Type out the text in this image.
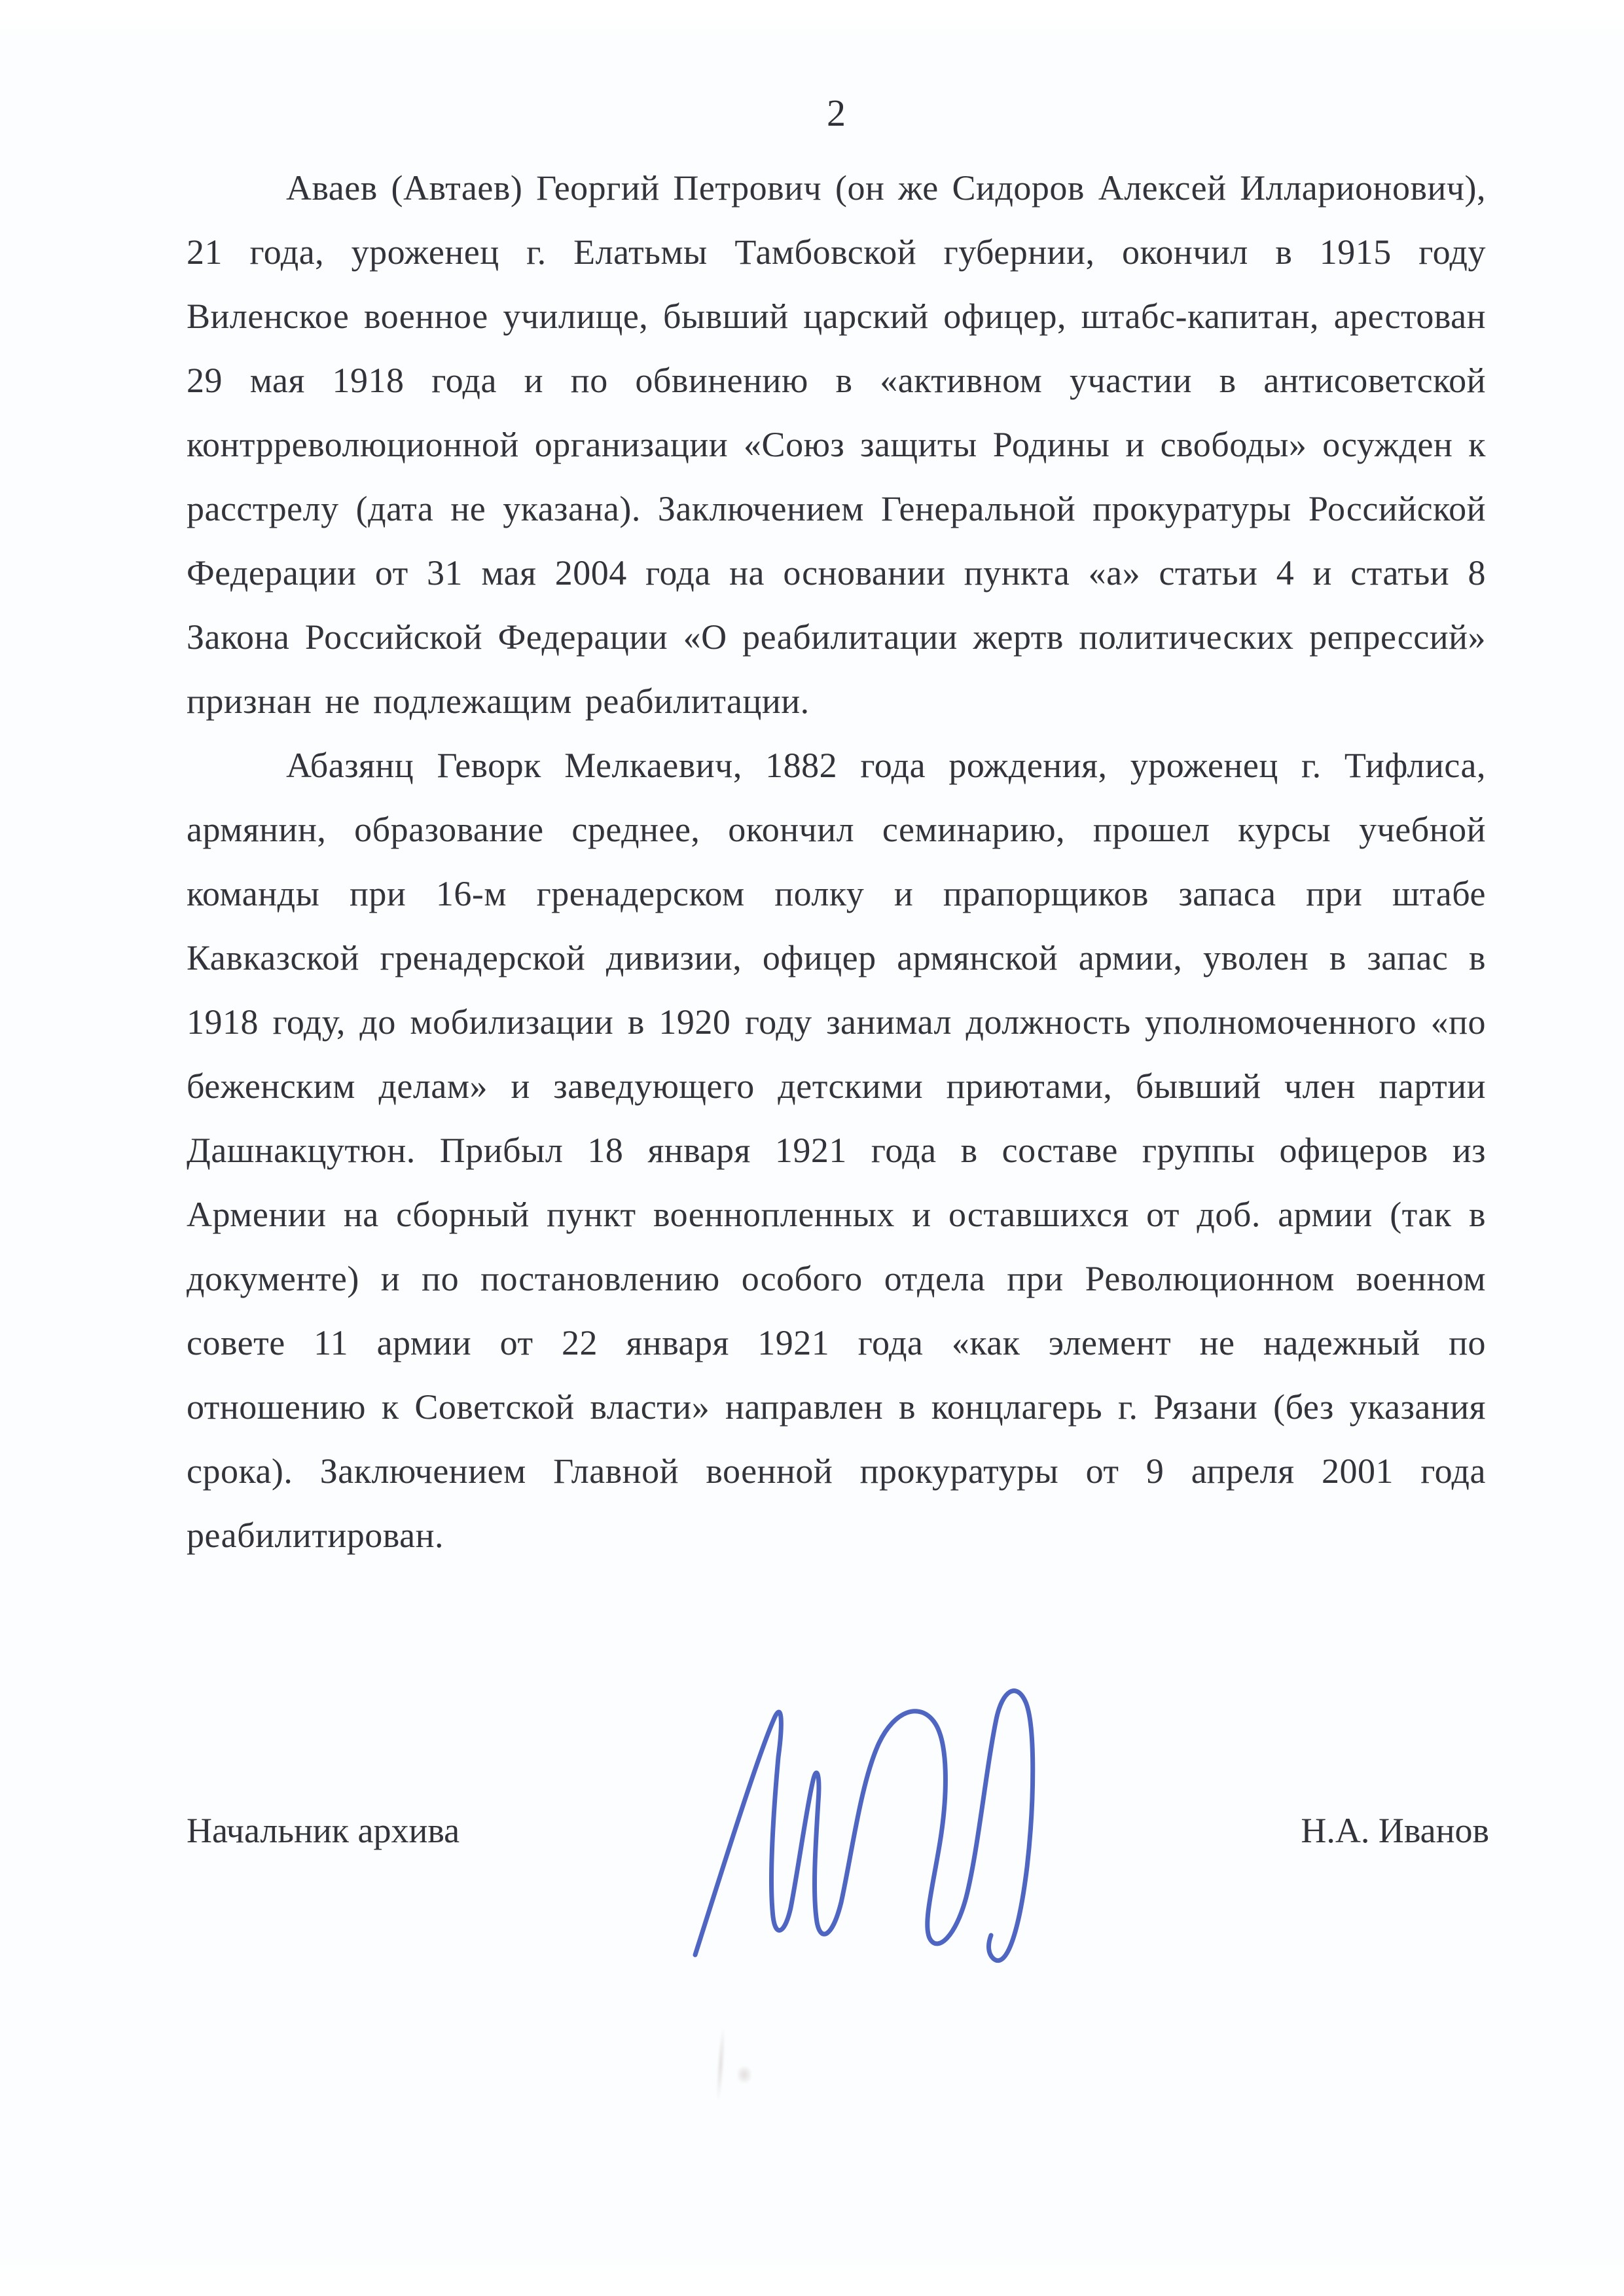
2

Аваев (Автаев) Георгий Петрович (он же Сидоров Алексей Илларионович), 21 года, уроженец г. Елатьмы Тамбовской губернии, окончил в 1915 году Виленское военное училище, бывший царский офицер, штабс-капитан, арестован 29 мая 1918 года и по обвинению в «активном участии в антисоветской контрреволюционной организации «Союз защиты Родины и свободы» осужден к расстрелу (дата не указана). Заключением Генеральной прокуратуры Российской Федерации от 31 мая 2004 года на основании пункта «а» статьи 4 и статьи 8 Закона Российской Федерации «О реабилитации жертв политических репрессий» признан не подлежащим реабилитации.

Абазянц Геворк Мелкаевич, 1882 года рождения, уроженец г. Тифлиса, армянин, образование среднее, окончил семинарию, прошел курсы учебной команды при 16-м гренадерском полку и прапорщиков запаса при штабе Кавказской гренадерской дивизии, офицер армянской армии, уволен в запас в 1918 году, до мобилизации в 1920 году занимал должность уполномоченного «по беженским делам» и заведующего детскими приютами, бывший член партии Дашнакцутюн. Прибыл 18 января 1921 года в составе группы офицеров из Армении на сборный пункт военнопленных и оставшихся от доб. армии (так в документе) и по постановлению особого отдела при Революционном военном совете 11 армии от 22 января 1921 года «как элемент не надежный по отношению к Советской власти» направлен в концлагерь г. Рязани (без указания срока). Заключением Главной военной прокуратуры от 9 апреля 2001 года реабилитирован.

Начальник архива	Н.А. Иванов
